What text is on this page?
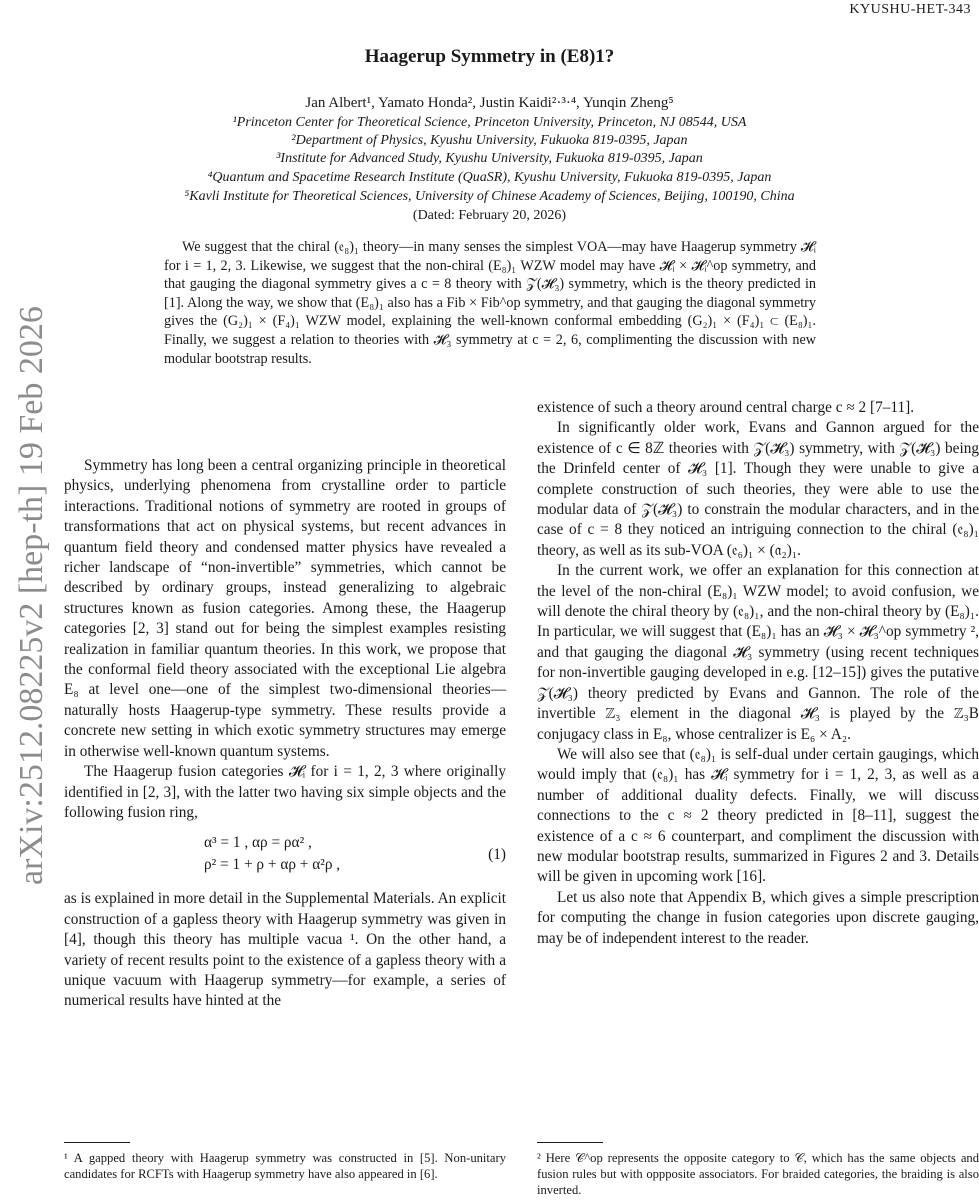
KYUSHU-HET-343
arXiv:2512.08225v2 [hep-th] 19 Feb 2026
Haagerup Symmetry in (E8)1?
Jan Albert¹, Yamato Honda², Justin Kaidi²·³·⁴, Yunqin Zheng⁵
¹Princeton Center for Theoretical Science, Princeton University, Princeton, NJ 08544, USA
²Department of Physics, Kyushu University, Fukuoka 819-0395, Japan
³Institute for Advanced Study, Kyushu University, Fukuoka 819-0395, Japan
⁴Quantum and Spacetime Research Institute (QuaSR), Kyushu University, Fukuoka 819-0395, Japan
⁵Kavli Institute for Theoretical Sciences, University of Chinese Academy of Sciences, Beijing, 100190, China
(Dated: February 20, 2026)
We suggest that the chiral (𝔢₈)₁ theory—in many senses the simplest VOA—may have Haagerup symmetry 𝓗ᵢ for i = 1, 2, 3. Likewise, we suggest that the non-chiral (E₈)₁ WZW model may have 𝓗ᵢ × 𝓗ᵢ^op symmetry, and that gauging the diagonal symmetry gives a c = 8 theory with 𝒵(𝓗₃) symmetry, which is the theory predicted in [1]. Along the way, we show that (E₈)₁ also has a Fib × Fib^op symmetry, and that gauging the diagonal symmetry gives the (G₂)₁ × (F₄)₁ WZW model, explaining the well-known conformal embedding (G₂)₁ × (F₄)₁ ⊂ (E₈)₁. Finally, we suggest a relation to theories with 𝓗₃ symmetry at c = 2, 6, complimenting the discussion with new modular bootstrap results.

Symmetry has long been a central organizing principle in theoretical physics, underlying phenomena from crystalline order to particle interactions. Traditional notions of symmetry are rooted in groups of transformations that act on physical systems, but recent advances in quantum field theory and condensed matter physics have revealed a richer landscape of “non-invertible” symmetries, which cannot be described by ordinary groups, instead generalizing to algebraic structures known as fusion categories. Among these, the Haagerup categories [2, 3] stand out for being the simplest examples resisting realization in familiar quantum theories. In this work, we propose that the conformal field theory associated with the exceptional Lie algebra E₈ at level one—one of the simplest two-dimensional theories—naturally hosts Haagerup-type symmetry. These results provide a concrete new setting in which exotic symmetry structures may emerge in otherwise well-known quantum systems.

The Haagerup fusion categories 𝓗ᵢ for i = 1, 2, 3 where originally identified in [2, 3], with the latter two having six simple objects and the following fusion ring,

α³ = 1 , αρ = ρα² ,
ρ² = 1 + ρ + αρ + α²ρ ,
(1)

as is explained in more detail in the Supplemental Materials. An explicit construction of a gapless theory with Haagerup symmetry was given in [4], though this theory has multiple vacua ¹. On the other hand, a variety of recent results point to the existence of a gapless theory with a unique vacuum with Haagerup symmetry—for example, a series of numerical results have hinted at the

existence of such a theory around central charge c ≈ 2 [7–11].

In significantly older work, Evans and Gannon argued for the existence of c ∈ 8ℤ theories with 𝒵(𝓗₃) symmetry, with 𝒵(𝓗₃) being the Drinfeld center of 𝓗₃ [1]. Though they were unable to give a complete construction of such theories, they were able to use the modular data of 𝒵(𝓗₃) to constrain the modular characters, and in the case of c = 8 they noticed an intriguing connection to the chiral (𝔢₈)₁ theory, as well as its sub-VOA (𝔢₆)₁ × (𝔞₂)₁.

In the current work, we offer an explanation for this connection at the level of the non-chiral (E₈)₁ WZW model; to avoid confusion, we will denote the chiral theory by (𝔢₈)₁, and the non-chiral theory by (E₈)₁. In particular, we will suggest that (E₈)₁ has an 𝓗₃ × 𝓗₃^op symmetry ², and that gauging the diagonal 𝓗₃ symmetry (using recent techniques for non-invertible gauging developed in e.g. [12–15]) gives the putative 𝒵(𝓗₃) theory predicted by Evans and Gannon. The role of the invertible ℤ₃ element in the diagonal 𝓗₃ is played by the ℤ₃B conjugacy class in E₈, whose centralizer is E₆ × A₂.

We will also see that (𝔢₈)₁ is self-dual under certain gaugings, which would imply that (𝔢₈)₁ has 𝓗ᵢ symmetry for i = 1, 2, 3, as well as a number of additional duality defects. Finally, we will discuss connections to the c ≈ 2 theory predicted in [8–11], suggest the existence of a c ≈ 6 counterpart, and compliment the discussion with new modular bootstrap results, summarized in Figures 2 and 3. Details will be given in upcoming work [16].

Let us also note that Appendix B, which gives a simple prescription for computing the change in fusion categories upon discrete gauging, may be of independent interest to the reader.

¹ A gapped theory with Haagerup symmetry was constructed in [5]. Non-unitary candidates for RCFTs with Haagerup symmetry have also appeared in [6].
² Here 𝒞^op represents the opposite category to 𝒞, which has the same objects and fusion rules but with oppposite associators. For braided categories, the braiding is also inverted.
